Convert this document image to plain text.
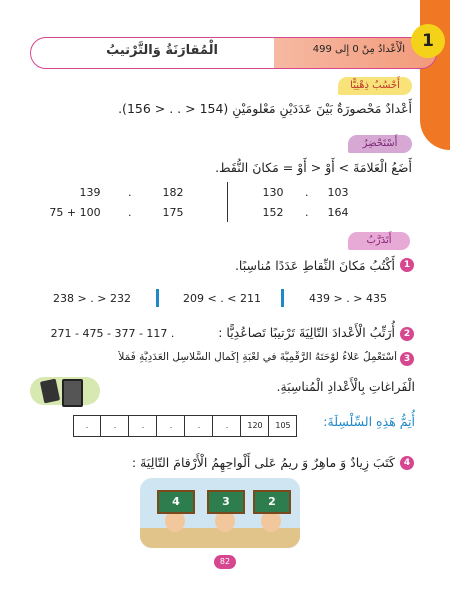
الْمُقارَنَةُ وَالتَّرْتيبُ	الْأَعْدادُ مِنْ 0 إِلى 499	1
أَحْسُبُ ذِهْنِيًّا
أَعْدادٌ مَحْصورَةٌ بَيْنَ عَدَدَيْنِ مَعْلومَيْنِ (154 < . . < 156).
أَسْتَحْضِرُ
أَضَعُ الْعَلامَةَ > أَوْ < أَوْ = مَكانَ النُّقَط.
139	.	182
75 + 100	.	175
130	.	103
152	.	164
أَتَدَرَّبُ
1
أَكْتُبُ مَكانَ النِّقاطِ عَدَدًا مُناسِبًا.
238 > . > 232	209 < . < 211	439 > . > 435
2
أُرَتِّبُ الْأَعْدادَ التّالِيَةَ تَرْتيبًا تَصاعُدِيًّا :
271 - 475 - 377 - 117 .
3
أَسْتَعْمِلُ عَلاءُ لَوْحَتَهُ الرَّقْمِيَّةَ في لُعْبَةِ إِكْمالِ السَّلاسِلِ الْعَدَدِيَّةِ فَمَلَأَ
الْفَراغاتِ بِالْأَعْدادِ الْمُناسِبَةِ.
أُتِمُّ هَذِهِ السِّلْسِلَةَ:
105
120
.
.
.
.
.
.
4
كَتَبَ زِيادٌ وَ ماهِرٌ وَ ريمُ عَلى أَلْواحِهِمُ الْأَرْقامَ التّالِيَةَ :
4	3	2
82
